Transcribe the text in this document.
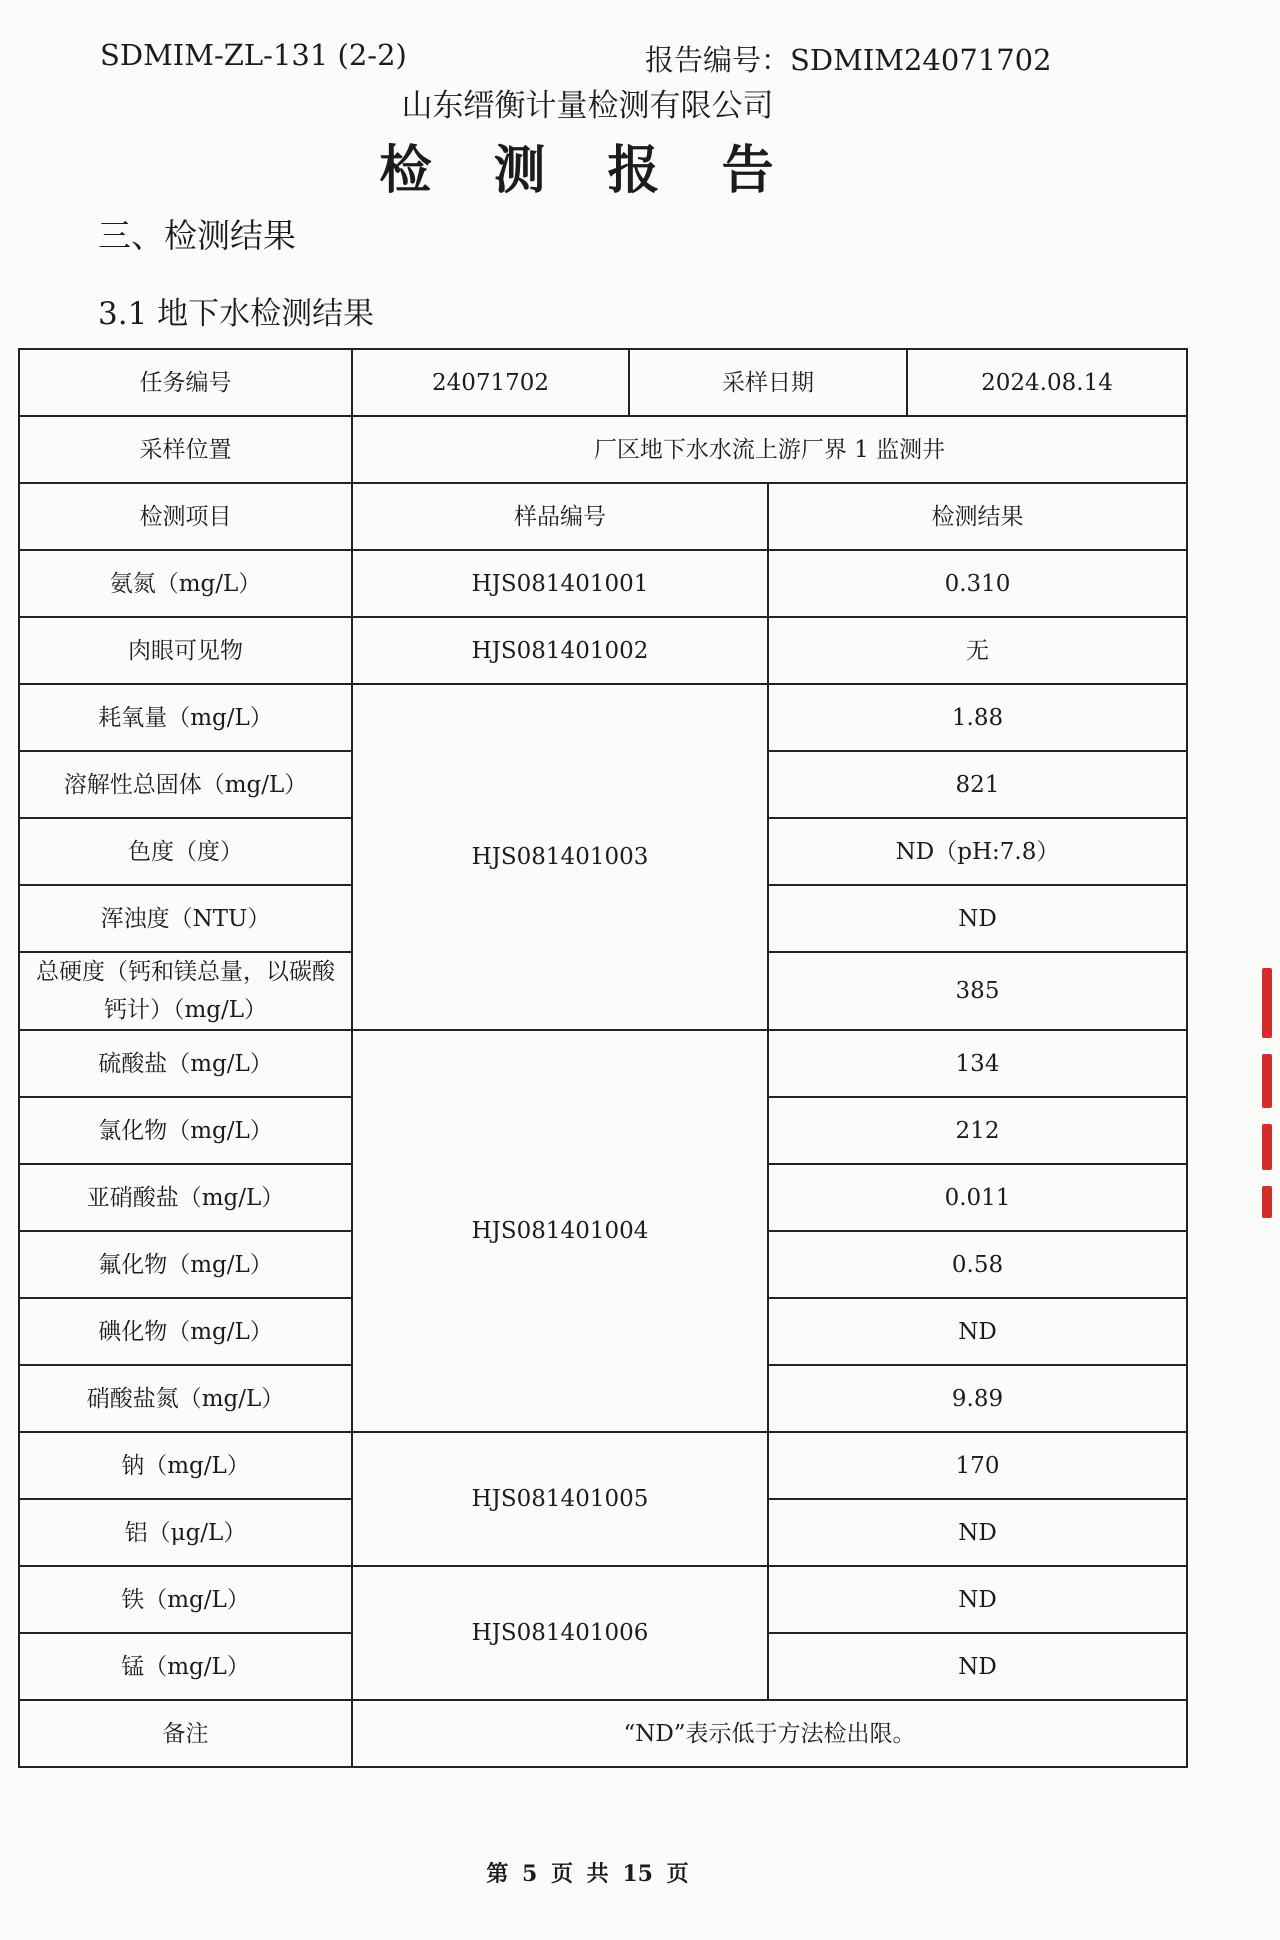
SDMIM-ZL-131 (2-2)	报告编号：SDMIM24071702
山东缙衡计量检测有限公司
检 测 报 告
三、检测结果
3.1 地下水检测结果
任务编号	24071702	采样日期		2024.08.14
采样位置	厂区地下水水流上游厂界 1 监测井			
检测项目	样品编号		检测结果	
氨氮（mg/L）	HJS081401001		0.310	
肉眼可见物	HJS081401002		无	
耗氧量（mg/L）	HJS081401003		1.88	
溶解性总固体（mg/L）			821	
色度（度）			ND（pH:7.8）	
浑浊度（NTU）			ND	
总硬度（钙和镁总量，以碳酸钙计）（mg/L）			385	
硫酸盐（mg/L）	HJS081401004		134	
氯化物（mg/L）			212	
亚硝酸盐（mg/L）			0.011	
氟化物（mg/L）			0.58	
碘化物（mg/L）			ND	
硝酸盐氮（mg/L）			9.89	
钠（mg/L）	HJS081401005		170	
铝（μg/L）			ND	
铁（mg/L）	HJS081401006		ND	
锰（mg/L）			ND	
备注	“ND”表示低于方法检出限。			
第 5 页 共 15 页
